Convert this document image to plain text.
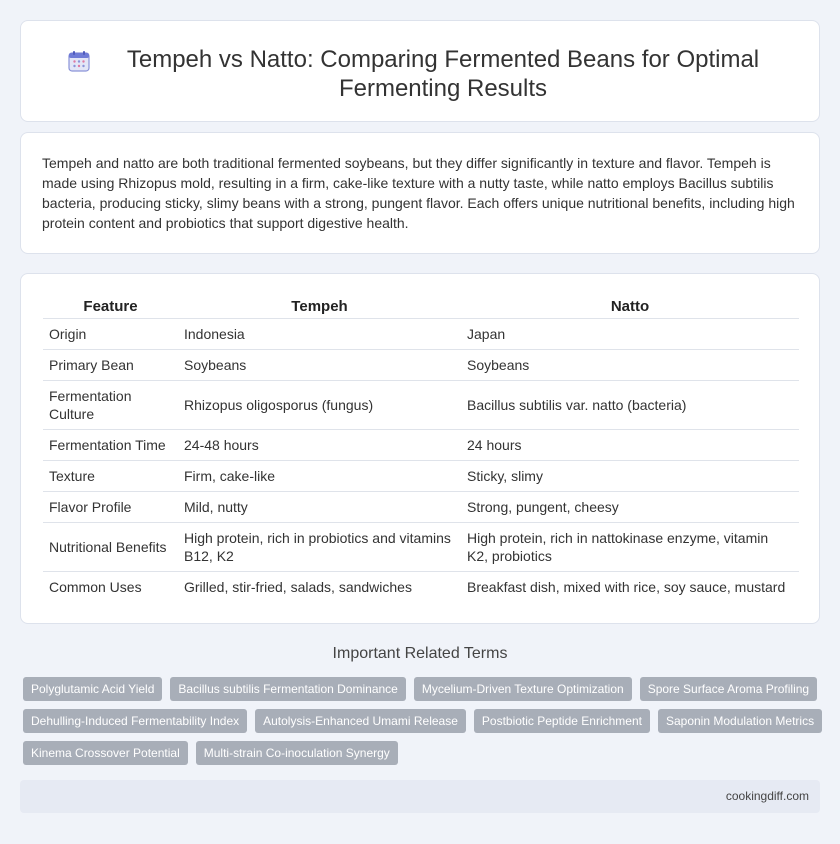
Tempeh vs Natto: Comparing Fermented Beans for Optimal Fermenting Results

Tempeh and natto are both traditional fermented soybeans, but they differ significantly in texture and flavor. Tempeh is made using Rhizopus mold, resulting in a firm, cake-like texture with a nutty taste, while natto employs Bacillus subtilis bacteria, producing sticky, slimy beans with a strong, pungent flavor. Each offers unique nutritional benefits, including high protein content and probiotics that support digestive health.

Feature	Tempeh	Natto
Origin	Indonesia	Japan
Primary Bean	Soybeans	Soybeans
Fermentation Culture	Rhizopus oligosporus (fungus)	Bacillus subtilis var. natto (bacteria)
Fermentation Time	24-48 hours	24 hours
Texture	Firm, cake-like	Sticky, slimy
Flavor Profile	Mild, nutty	Strong, pungent, cheesy
Nutritional Benefits	High protein, rich in probiotics and vitamins B12, K2	High protein, rich in nattokinase enzyme, vitamin K2, probiotics
Common Uses	Grilled, stir-fried, salads, sandwiches	Breakfast dish, mixed with rice, soy sauce, mustard
Important Related Terms
Polyglutamic Acid Yield	Bacillus subtilis Fermentation Dominance	Mycelium-Driven Texture Optimization	Spore Surface Aroma Profiling
Dehulling-Induced Fermentability Index	Autolysis-Enhanced Umami Release	Postbiotic Peptide Enrichment	Saponin Modulation Metrics
Kinema Crossover Potential	Multi-strain Co-inoculation Synergy
cookingdiff.com
